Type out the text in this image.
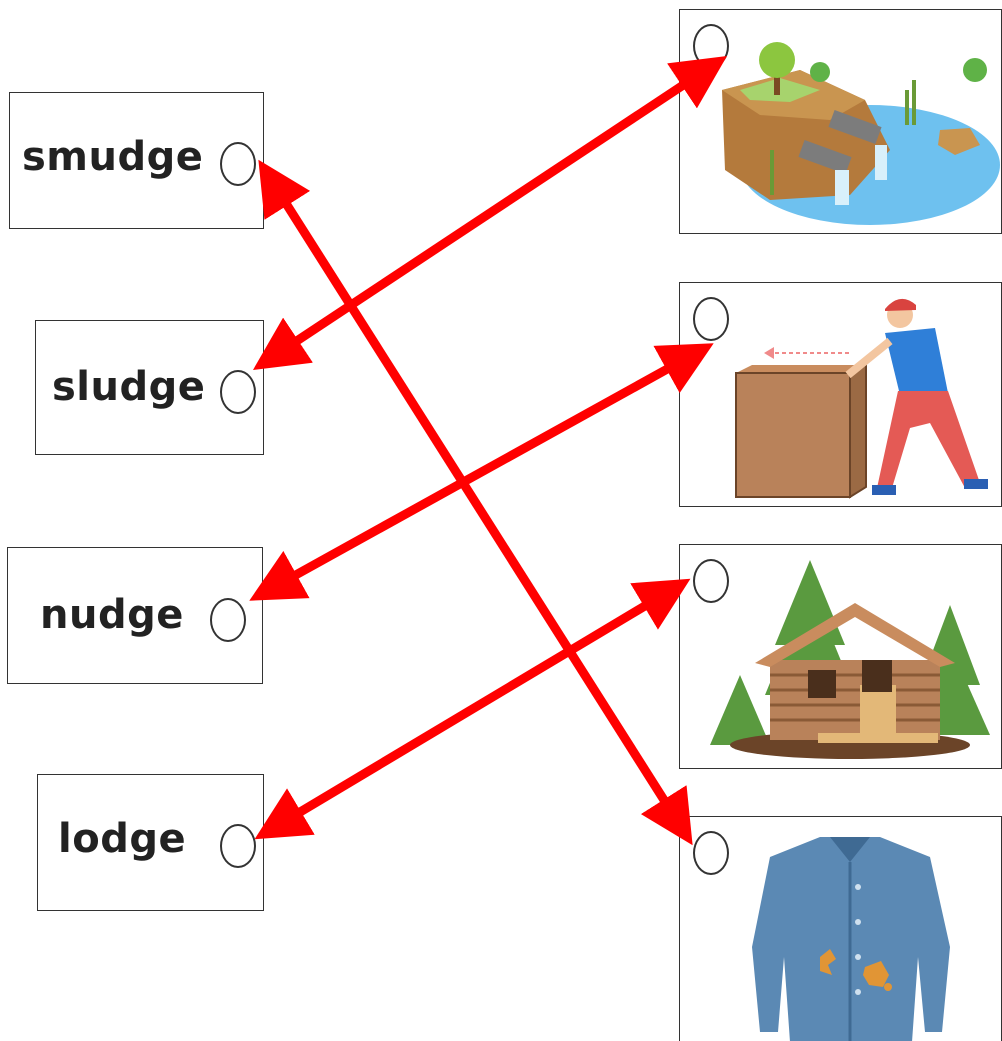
smudge
sludge
nudge
lodge
